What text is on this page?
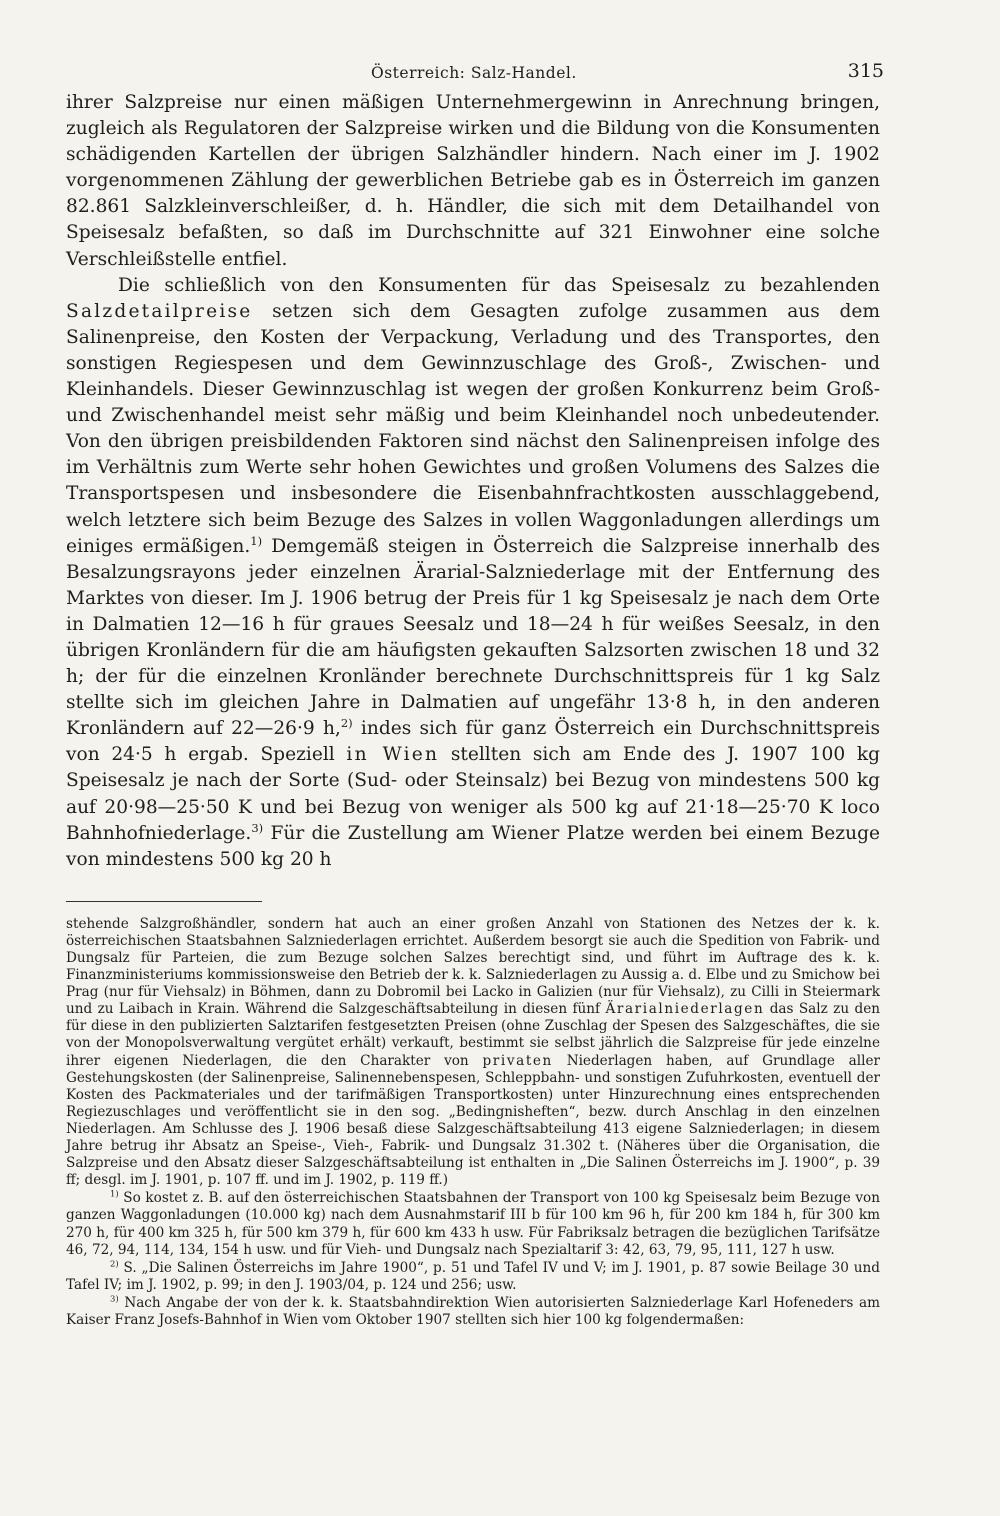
Österreich: Salz-Handel.	315

ihrer Salzpreise nur einen mäßigen Unternehmergewinn in Anrechnung bringen, zugleich als Regulatoren der Salzpreise wirken und die Bildung von die Konsumenten schädigenden Kartellen der übrigen Salzhändler hindern. Nach einer im J. 1902 vorgenommenen Zählung der gewerblichen Betriebe gab es in Österreich im ganzen 82.861 Salzkleinverschleißer, d. h. Händler, die sich mit dem Detailhandel von Speisesalz befaßten, so daß im Durchschnitte auf 321 Einwohner eine solche Verschleißstelle entfiel.

Die schließlich von den Konsumenten für das Speisesalz zu bezahlenden Salzdetailpreise setzen sich dem Gesagten zufolge zusammen aus dem Salinenpreise, den Kosten der Verpackung, Verladung und des Transportes, den sonstigen Regiespesen und dem Gewinnzuschlage des Groß-, Zwischen- und Kleinhandels. Dieser Gewinnzuschlag ist wegen der großen Konkurrenz beim Groß- und Zwischenhandel meist sehr mäßig und beim Kleinhandel noch unbedeutender. Von den übrigen preisbildenden Faktoren sind nächst den Salinenpreisen infolge des im Verhältnis zum Werte sehr hohen Gewichtes und großen Volumens des Salzes die Transportspesen und insbesondere die Eisenbahnfrachtkosten ausschlaggebend, welch letztere sich beim Bezuge des Salzes in vollen Waggonladungen allerdings um einiges ermäßigen.$^{1)}$ Demgemäß steigen in Österreich die Salzpreise innerhalb des Besalzungsrayons jeder einzelnen Ärarial-Salzniederlage mit der Entfernung des Marktes von dieser. Im J. 1906 betrug der Preis für 1 kg Speisesalz je nach dem Orte in Dalmatien 12—16 h für graues Seesalz und 18—24 h für weißes Seesalz, in den übrigen Kronländern für die am häufigsten gekauften Salzsorten zwischen 18 und 32 h; der für die einzelnen Kronländer berechnete Durchschnittspreis für 1 kg Salz stellte sich im gleichen Jahre in Dalmatien auf ungefähr 13·8 h, in den anderen Kronländern auf 22—26·9 h,$^{2)}$ indes sich für ganz Österreich ein Durchschnittspreis von 24·5 h ergab. Speziell in Wien stellten sich am Ende des J. 1907 100 kg Speisesalz je nach der Sorte (Sud- oder Steinsalz) bei Bezug von mindestens 500 kg auf 20·98—25·50 K und bei Bezug von weniger als 500 kg auf 21·18—25·70 K loco Bahnhofniederlage.$^{3)}$ Für die Zustellung am Wiener Platze werden bei einem Bezuge von mindestens 500 kg 20 h

stehende Salzgroßhändler, sondern hat auch an einer großen Anzahl von Stationen des Netzes der k. k. österreichischen Staatsbahnen Salzniederlagen errichtet. Außerdem besorgt sie auch die Spedition von Fabrik- und Dungsalz für Parteien, die zum Bezuge solchen Salzes berechtigt sind, und führt im Auftrage des k. k. Finanzministeriums kommissionsweise den Betrieb der k. k. Salzniederlagen zu Aussig a. d. Elbe und zu Smichow bei Prag (nur für Viehsalz) in Böhmen, dann zu Dobromil bei Lacko in Galizien (nur für Viehsalz), zu Cilli in Steiermark und zu Laibach in Krain. Während die Salzgeschäftsabteilung in diesen fünf Ärarialniederlagen das Salz zu den für diese in den publizierten Salztarifen festgesetzten Preisen (ohne Zuschlag der Spesen des Salzgeschäftes, die sie von der Monopolsverwaltung vergütet erhält) verkauft, bestimmt sie selbst jährlich die Salzpreise für jede einzelne ihrer eigenen Niederlagen, die den Charakter von privaten Niederlagen haben, auf Grundlage aller Gestehungskosten (der Salinenpreise, Salinennebenspesen, Schleppbahn- und sonstigen Zufuhrkosten, eventuell der Kosten des Packmateriales und der tarifmäßigen Transportkosten) unter Hinzurechnung eines entsprechenden Regiezuschlages und veröffentlicht sie in den sog. „Bedingnisheften“, bezw. durch Anschlag in den einzelnen Niederlagen. Am Schlusse des J. 1906 besaß diese Salzgeschäftsabteilung 413 eigene Salzniederlagen; in diesem Jahre betrug ihr Absatz an Speise-, Vieh-, Fabrik- und Dungsalz 31.302 t. (Näheres über die Organisation, die Salzpreise und den Absatz dieser Salzgeschäftsabteilung ist enthalten in „Die Salinen Österreichs im J. 1900“, p. 39 ff; desgl. im J. 1901, p. 107 ff. und im J. 1902, p. 119 ff.)

$^{1)}$ So kostet z. B. auf den österreichischen Staatsbahnen der Transport von 100 kg Speisesalz beim Bezuge von ganzen Waggonladungen (10.000 kg) nach dem Ausnahmstarif III b für 100 km 96 h, für 200 km 184 h, für 300 km 270 h, für 400 km 325 h, für 500 km 379 h, für 600 km 433 h usw. Für Fabriksalz betragen die bezüglichen Tarifsätze 46, 72, 94, 114, 134, 154 h usw. und für Vieh- und Dungsalz nach Spezialtarif 3: 42, 63, 79, 95, 111, 127 h usw.

$^{2)}$ S. „Die Salinen Österreichs im Jahre 1900“, p. 51 und Tafel IV und V; im J. 1901, p. 87 sowie Beilage 30 und Tafel IV; im J. 1902, p. 99; in den J. 1903/04, p. 124 und 256; usw.

$^{3)}$ Nach Angabe der von der k. k. Staatsbahndirektion Wien autorisierten Salzniederlage Karl Hofeneders am Kaiser Franz Josefs-Bahnhof in Wien vom Oktober 1907 stellten sich hier 100 kg folgendermaßen:
